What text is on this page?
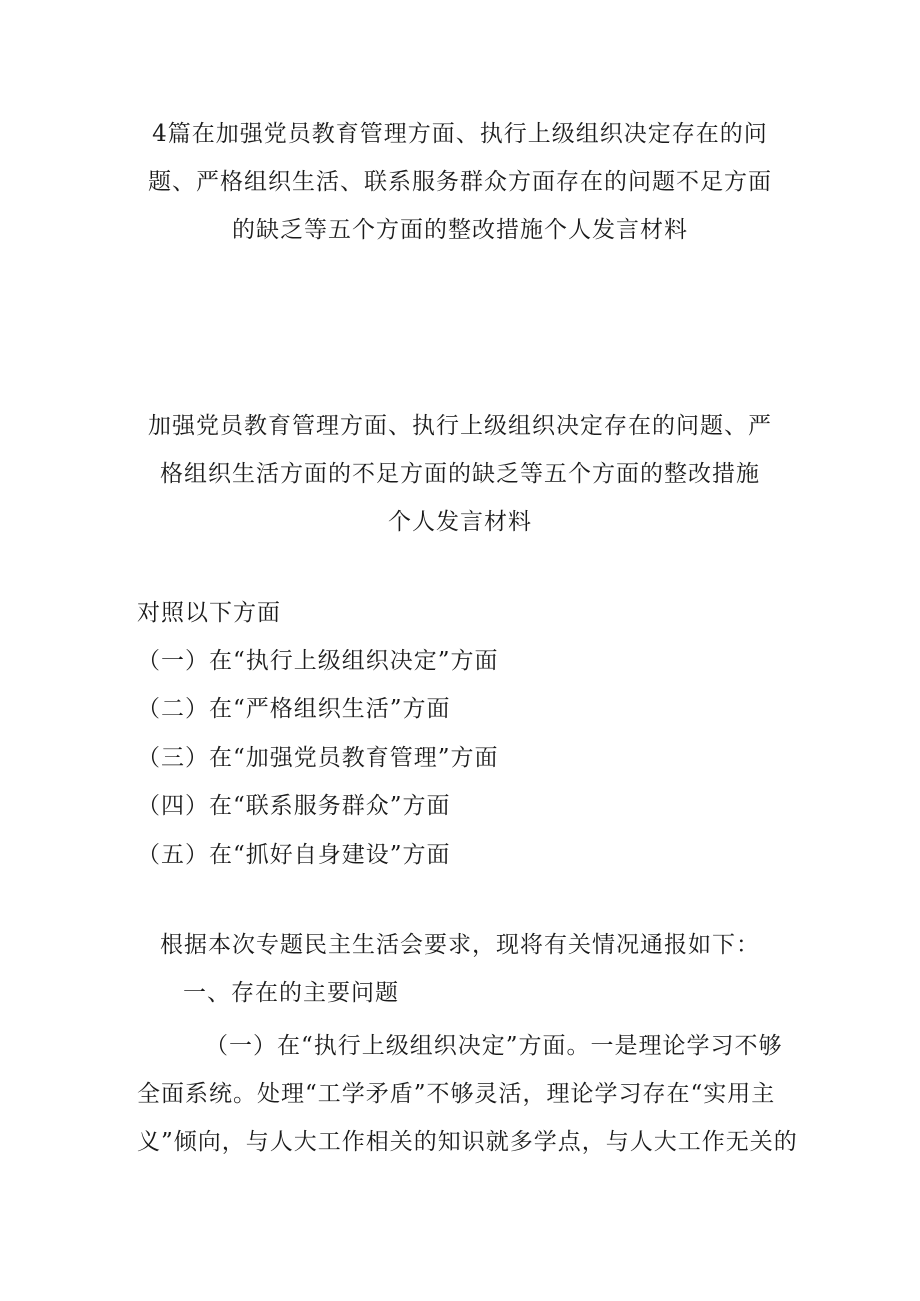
4篇在加强党员教育管理方面、执行上级组织决定存在的问
题、严格组织生活、联系服务群众方面存在的问题不足方面
的缺乏等五个方面的整改措施个人发言材料
加强党员教育管理方面、执行上级组织决定存在的问题、严
格组织生活方面的不足方面的缺乏等五个方面的整改措施
个人发言材料
对照以下方面
（一）在“执行上级组织决定”方面
（二）在“严格组织生活”方面
（三）在“加强党员教育管理”方面
（四）在“联系服务群众”方面
（五）在“抓好自身建设”方面
根据本次专题民主生活会要求，现将有关情况通报如下：
一、存在的主要问题
（一）在“执行上级组织决定”方面。一是理论学习不够
全面系统。处理“工学矛盾”不够灵活，理论学习存在“实用主
义”倾向，与人大工作相关的知识就多学点，与人大工作无关的
